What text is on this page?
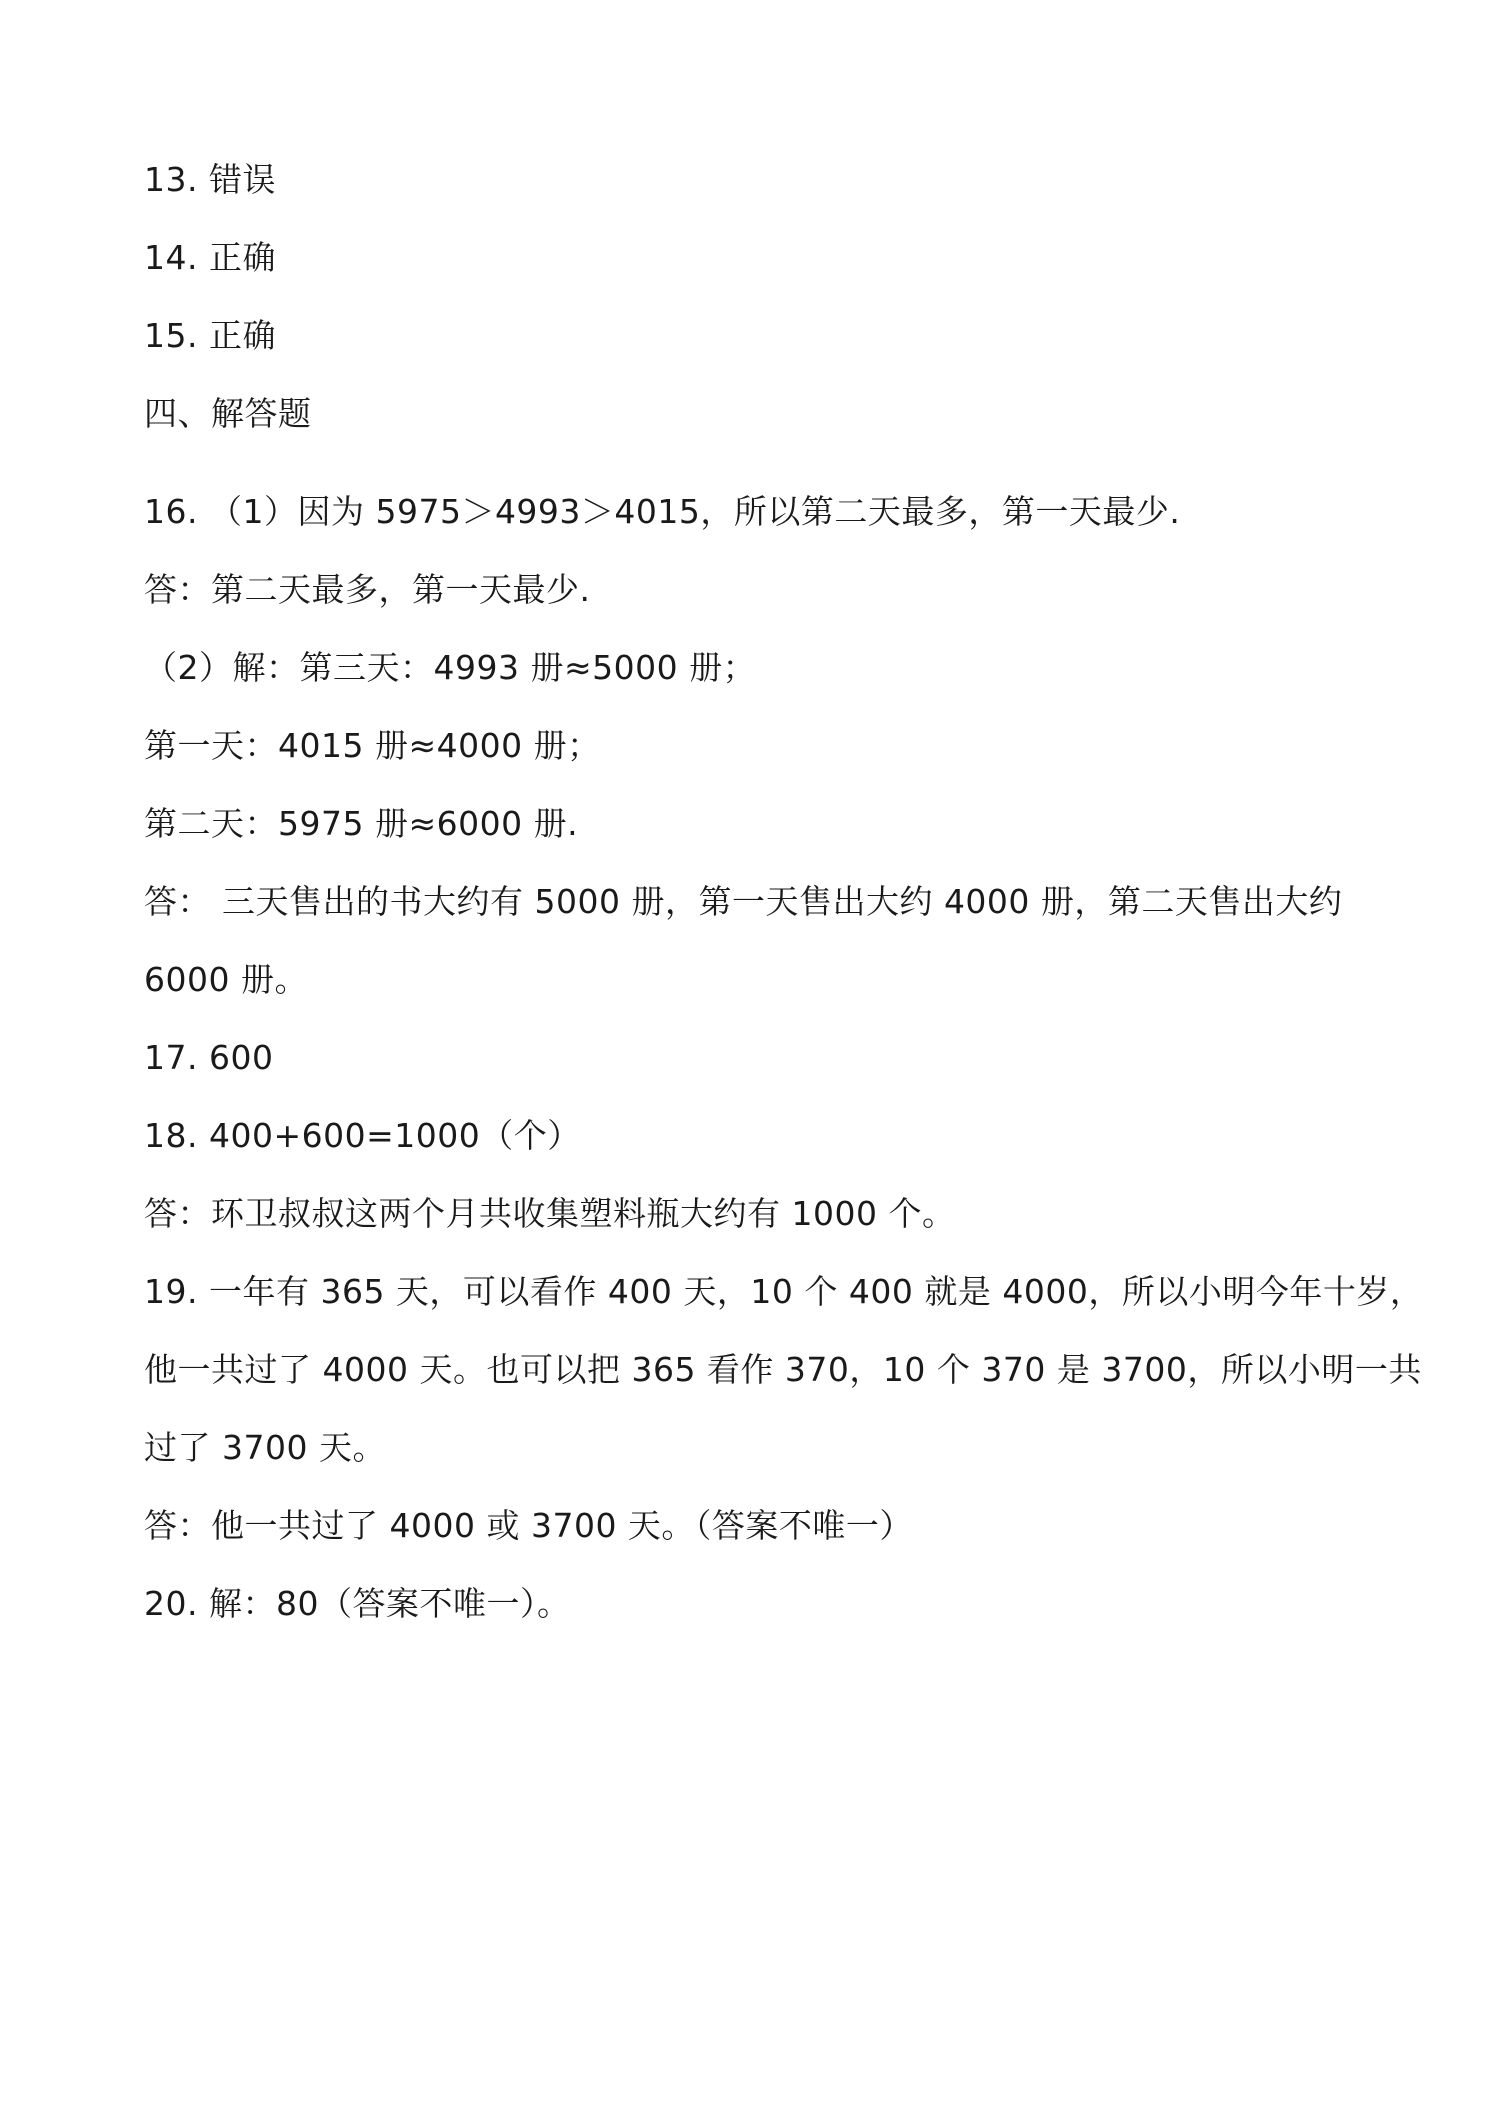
13. 错误
14. 正确
15. 正确
四、解答题
16. （1）因为 5975＞4993＞4015，所以第二天最多，第一天最少.
答：第二天最多，第一天最少.
（2）解：第三天：4993 册≈5000 册；
第一天：4015 册≈4000 册；
第二天：5975 册≈6000 册.
答： 三天售出的书大约有 5000 册，第一天售出大约 4000 册，第二天售出大约
6000 册。
17. 600
18. 400+600=1000（个）
答：环卫叔叔这两个月共收集塑料瓶大约有 1000 个。
19. 一年有 365 天，可以看作 400 天，10 个 400 就是 4000，所以小明今年十岁，
他一共过了 4000 天。也可以把 365 看作 370，10 个 370 是 3700，所以小明一共
过了 3700 天。
答：他一共过了 4000 或 3700 天。（答案不唯一）
20. 解：80（答案不唯一）。
